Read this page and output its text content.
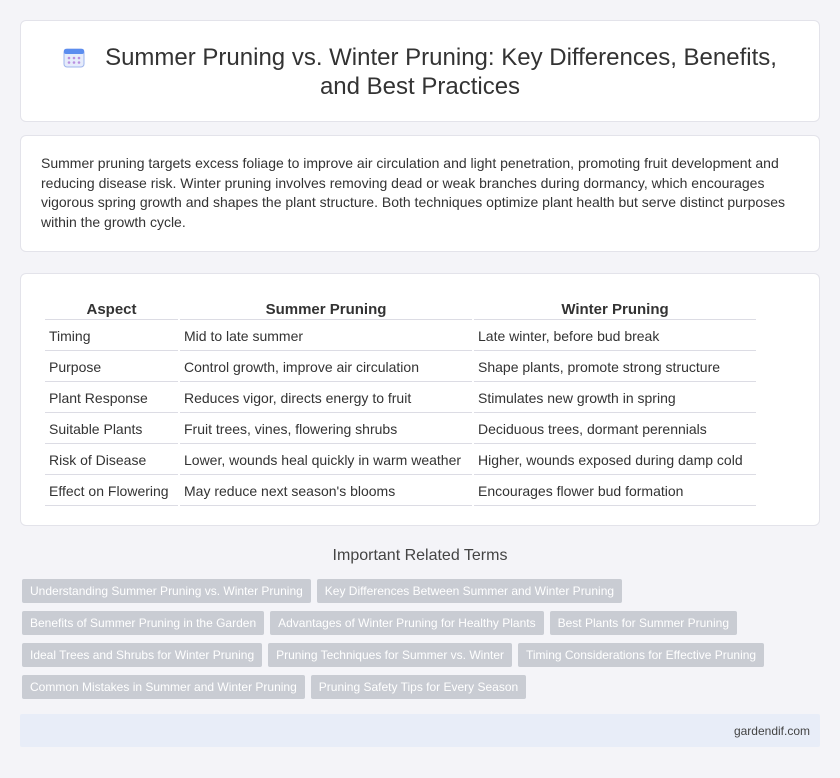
Summer Pruning vs. Winter Pruning: Key Differences, Benefits, and Best Practices

Summer pruning targets excess foliage to improve air circulation and light penetration, promoting fruit development and reducing disease risk. Winter pruning involves removing dead or weak branches during dormancy, which encourages vigorous spring growth and shapes the plant structure. Both techniques optimize plant health but serve distinct purposes within the growth cycle.

Aspect	Summer Pruning	Winter Pruning
Timing	Mid to late summer	Late winter, before bud break
Purpose	Control growth, improve air circulation	Shape plants, promote strong structure
Plant Response	Reduces vigor, directs energy to fruit	Stimulates new growth in spring
Suitable Plants	Fruit trees, vines, flowering shrubs	Deciduous trees, dormant perennials
Risk of Disease	Lower, wounds heal quickly in warm weather	Higher, wounds exposed during damp cold
Effect on Flowering	May reduce next season's blooms	Encourages flower bud formation
Important Related Terms
Understanding Summer Pruning vs. Winter Pruning Key Differences Between Summer and Winter Pruning
Benefits of Summer Pruning in the Garden Advantages of Winter Pruning for Healthy Plants Best Plants for Summer Pruning
Ideal Trees and Shrubs for Winter Pruning Pruning Techniques for Summer vs. Winter Timing Considerations for Effective Pruning
Common Mistakes in Summer and Winter Pruning Pruning Safety Tips for Every Season
gardendif.com
